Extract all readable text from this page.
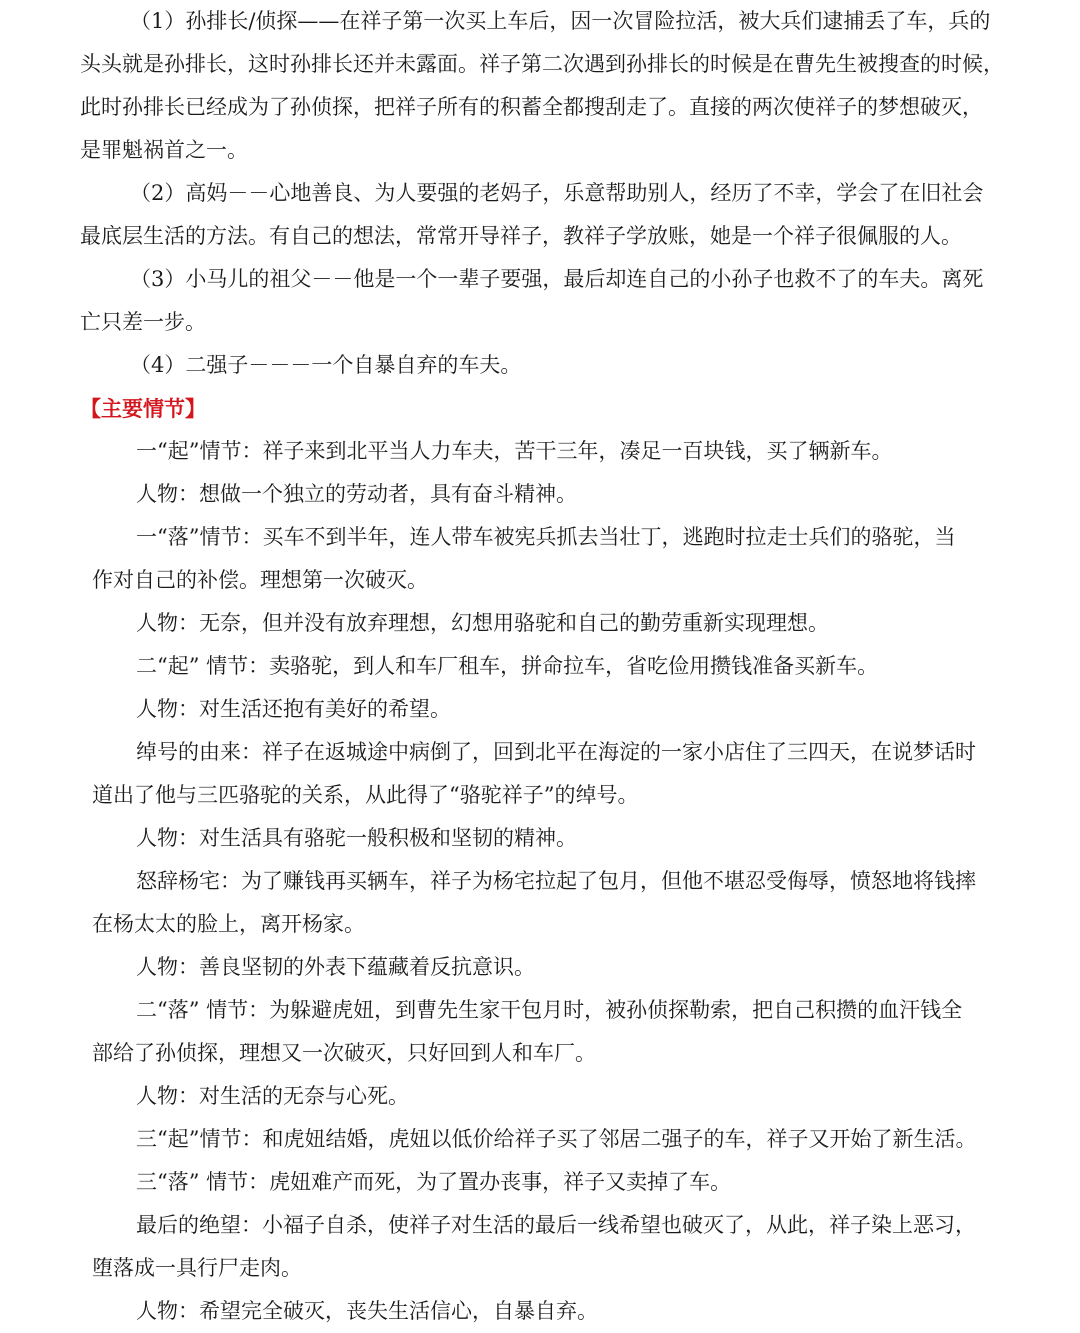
（1）孙排长/侦探——在祥子第一次买上车后，因一次冒险拉活，被大兵们逮捕丢了车，兵的
头头就是孙排长，这时孙排长还并未露面。祥子第二次遇到孙排长的时候是在曹先生被搜查的时候，
此时孙排长已经成为了孙侦探，把祥子所有的积蓄全都搜刮走了。直接的两次使祥子的梦想破灭，
是罪魁祸首之一。
（2）高妈－－心地善良、为人要强的老妈子，乐意帮助别人，经历了不幸，学会了在旧社会
最底层生活的方法。有自己的想法，常常开导祥子，教祥子学放账，她是一个祥子很佩服的人。
（3）小马儿的祖父－－他是一个一辈子要强，最后却连自己的小孙子也救不了的车夫。离死
亡只差一步。
（4）二强子－－－一个自暴自弃的车夫。
【主要情节】
一“起”情节：祥子来到北平当人力车夫，苦干三年，凑足一百块钱，买了辆新车。
人物：想做一个独立的劳动者，具有奋斗精神。
一“落”情节：买车不到半年，连人带车被宪兵抓去当壮丁，逃跑时拉走士兵们的骆驼，当
作对自己的补偿。理想第一次破灭。
人物：无奈，但并没有放弃理想，幻想用骆驼和自己的勤劳重新实现理想。
二“起” 情节：卖骆驼，到人和车厂租车，拼命拉车，省吃俭用攒钱准备买新车。
人物：对生活还抱有美好的希望。
绰号的由来：祥子在返城途中病倒了，回到北平在海淀的一家小店住了三四天，在说梦话时
道出了他与三匹骆驼的关系，从此得了“骆驼祥子”的绰号。
人物：对生活具有骆驼一般积极和坚韧的精神。
怒辞杨宅：为了赚钱再买辆车，祥子为杨宅拉起了包月，但他不堪忍受侮辱，愤怒地将钱摔
在杨太太的脸上，离开杨家。
人物：善良坚韧的外表下蕴藏着反抗意识。
二“落” 情节：为躲避虎妞，到曹先生家干包月时，被孙侦探勒索，把自己积攒的血汗钱全
部给了孙侦探，理想又一次破灭，只好回到人和车厂。
人物：对生活的无奈与心死。
三“起”情节：和虎妞结婚，虎妞以低价给祥子买了邻居二强子的车，祥子又开始了新生活。
三“落” 情节：虎妞难产而死，为了置办丧事，祥子又卖掉了车。
最后的绝望：小福子自杀，使祥子对生活的最后一线希望也破灭了，从此，祥子染上恶习，
堕落成一具行尸走肉。
人物：希望完全破灭，丧失生活信心，自暴自弃。
